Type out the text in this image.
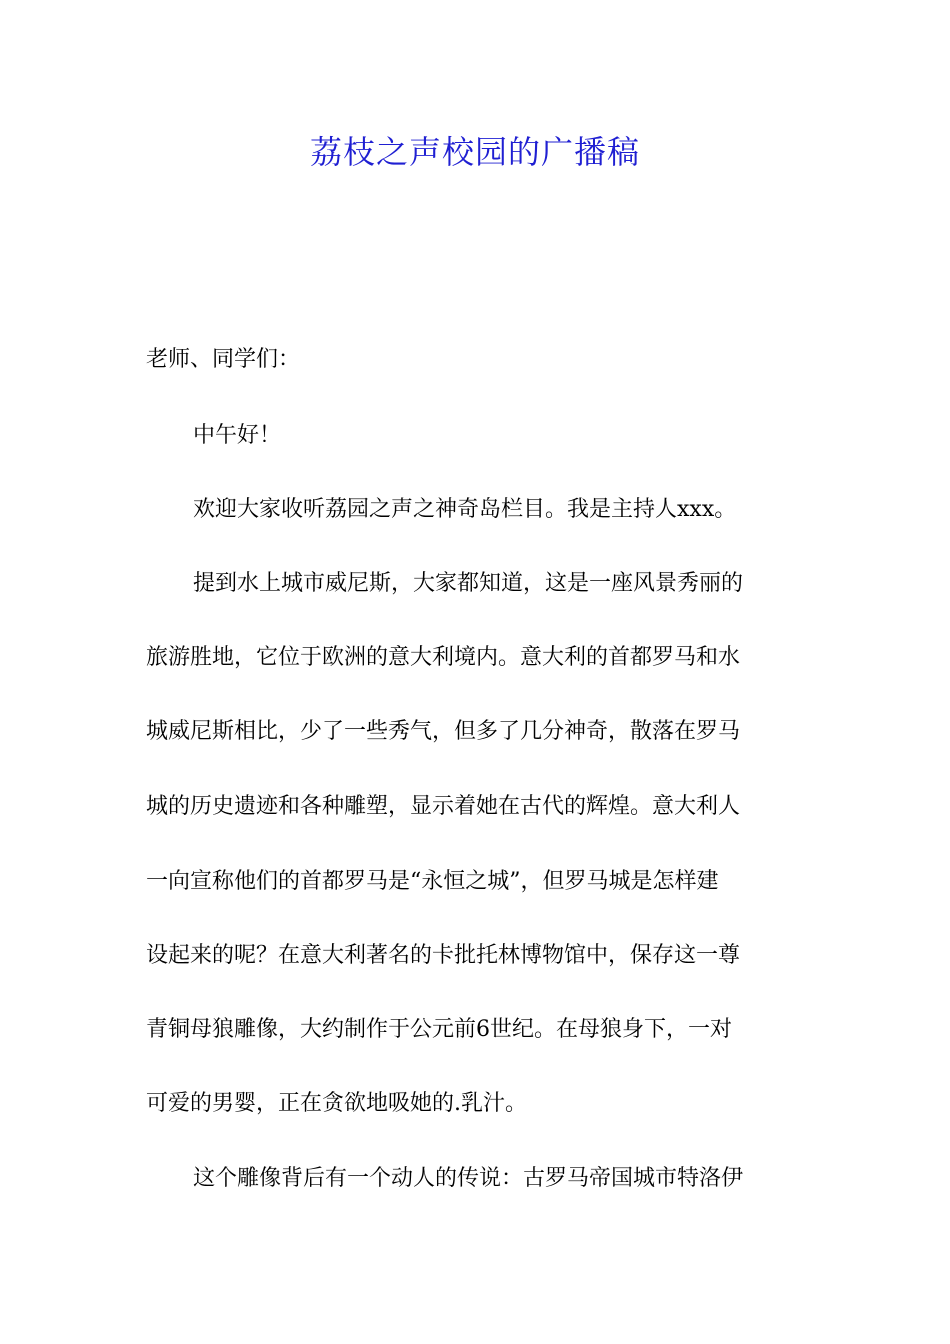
荔枝之声校园的广播稿
老师、同学们：
中午好！
欢迎大家收听荔园之声之神奇岛栏目。我是主持人xxx。
提到水上城市威尼斯，大家都知道，这是一座风景秀丽的
旅游胜地，它位于欧洲的意大利境内。意大利的首都罗马和水
城威尼斯相比，少了一些秀气，但多了几分神奇，散落在罗马
城的历史遗迹和各种雕塑，显示着她在古代的辉煌。意大利人
一向宣称他们的首都罗马是“永恒之城”，但罗马城是怎样建
设起来的呢？在意大利著名的卡批托林博物馆中，保存这一尊
青铜母狼雕像，大约制作于公元前6世纪。在母狼身下，一对
可爱的男婴，正在贪欲地吸她的.乳汁。
这个雕像背后有一个动人的传说：古罗马帝国城市特洛伊
